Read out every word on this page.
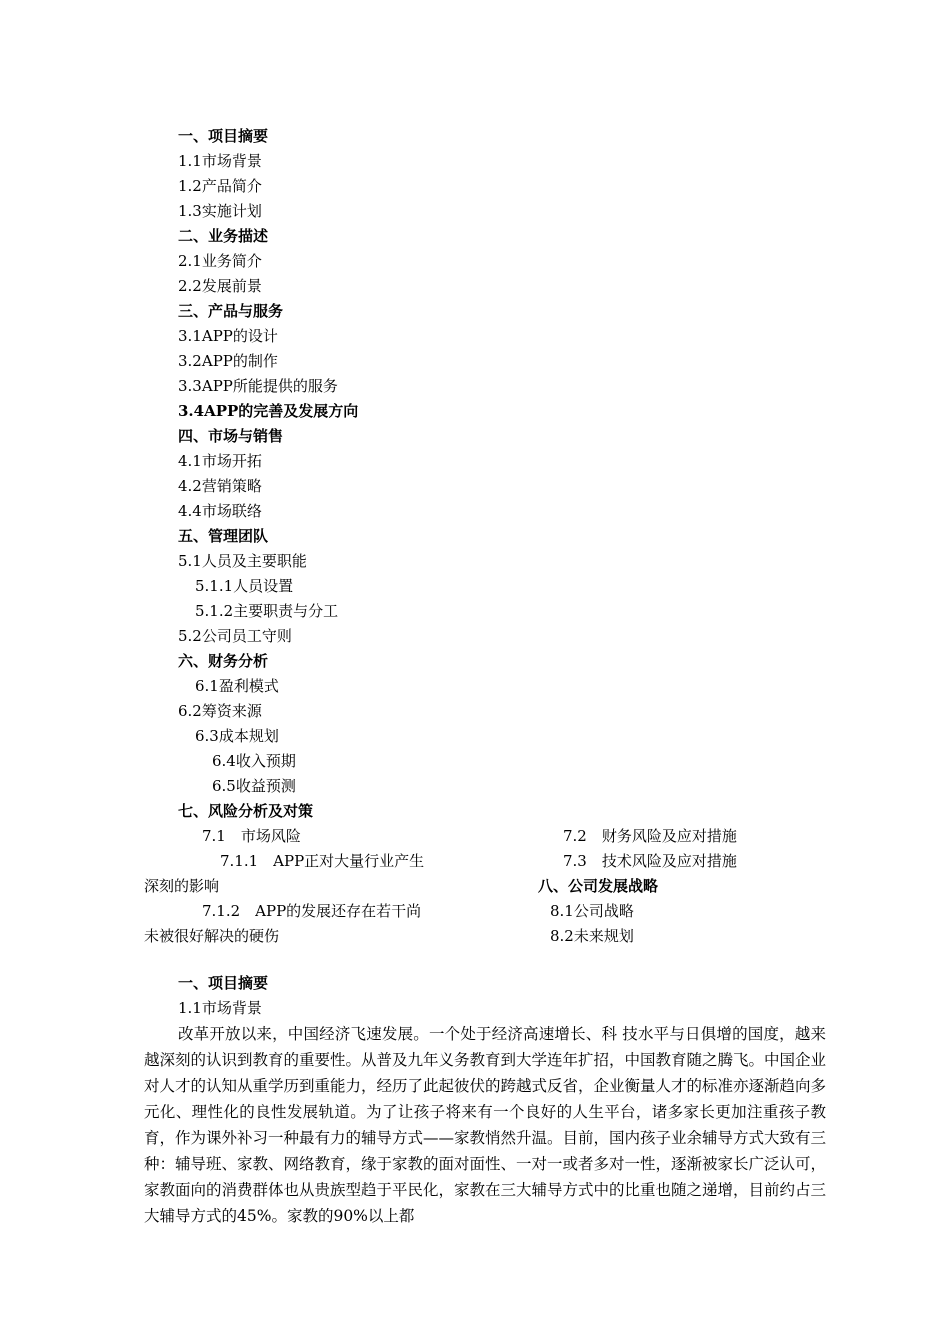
一、项目摘要
1.1市场背景
1.2产品简介
1.3实施计划
二、业务描述
2.1业务简介
2.2发展前景
三、产品与服务
3.1APP的设计
3.2APP的制作
3.3APP所能提供的服务
3.4APP的完善及发展方向
四、市场与销售
4.1市场开拓
4.2营销策略
4.4市场联络
五、管理团队
5.1人员及主要职能
5.1.1人员设置
5.1.2主要职责与分工
5.2公司员工守则
六、财务分析
6.1盈利模式
6.2筹资来源
6.3成本规划
6.4收入预期
6.5收益预测
七、风险分析及对策
7.1　市场风险
7.1.1　APP正对大量行业产生
深刻的影响
7.1.2　APP的发展还存在若干尚
未被很好解决的硬伤
7.2　财务风险及应对措施
7.3　技术风险及应对措施
八、公司发展战略
8.1公司战略
8.2未来规划
一、项目摘要
1.1市场背景
改革开放以来，中国经济飞速发展。一个处于经济高速增长、科 技水平与日俱增的国度，越来越深刻的认识到教育的重要性。从普及九年义务教育到大学连年扩招，中国教育随之腾飞。中国企业对人才的认知从重学历到重能力，经历了此起彼伏的跨越式反省，企业衡量人才的标准亦逐渐趋向多元化、理性化的良性发展轨道。为了让孩子将来有一个良好的人生平台，诸多家长更加注重孩子教育，作为课外补习一种最有力的辅导方式——家教悄然升温。目前，国内孩子业余辅导方式大致有三种：辅导班、家教、网络教育，缘于家教的面对面性、一对一或者多对一性，逐渐被家长广泛认可，家教面向的消费群体也从贵族型趋于平民化，家教在三大辅导方式中的比重也随之递增，目前约占三大辅导方式的45%。家教的90%以上都
